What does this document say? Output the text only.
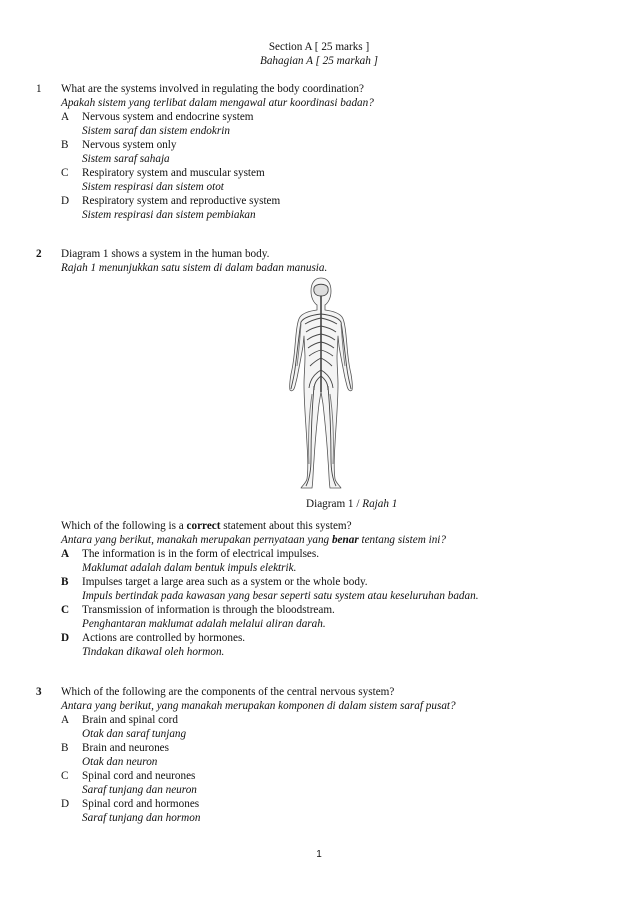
Section A [ 25 marks ]
Bahagian A [ 25 markah ]
1 What are the systems involved in regulating the body coordination?
Apakah sistem yang terlibat dalam mengawal atur koordinasi badan?
A Nervous system and endocrine system
Sistem saraf dan sistem endokrin
B Nervous system only
Sistem saraf sahaja
C Respiratory system and muscular system
Sistem respirasi dan sistem otot
D Respiratory system and reproductive system
Sistem respirasi dan sistem pembiakan
2 Diagram 1 shows a system in the human body.
Rajah 1 menunjukkan satu sistem di dalam badan manusia.
Diagram 1 / Rajah 1
Which of the following is a correct statement about this system?
Antara yang berikut, manakah merupakan pernyataan yang benar tentang sistem ini?
A The information is in the form of electrical impulses.
Maklumat adalah dalam bentuk impuls elektrik.
B Impulses target a large area such as a system or the whole body.
Impuls bertindak pada kawasan yang besar seperti satu system atau keseluruhan badan.
C Transmission of information is through the bloodstream.
Penghantaran maklumat adalah melalui aliran darah.
D Actions are controlled by hormones.
Tindakan dikawal oleh hormon.
3 Which of the following are the components of the central nervous system?
Antara yang berikut, yang manakah merupakan komponen di dalam sistem saraf pusat?
A Brain and spinal cord
Otak dan saraf tunjang
B Brain and neurones
Otak dan neuron
C Spinal cord and neurones
Saraf tunjang dan neuron
D Spinal cord and hormones
Saraf tunjang dan hormon
1
